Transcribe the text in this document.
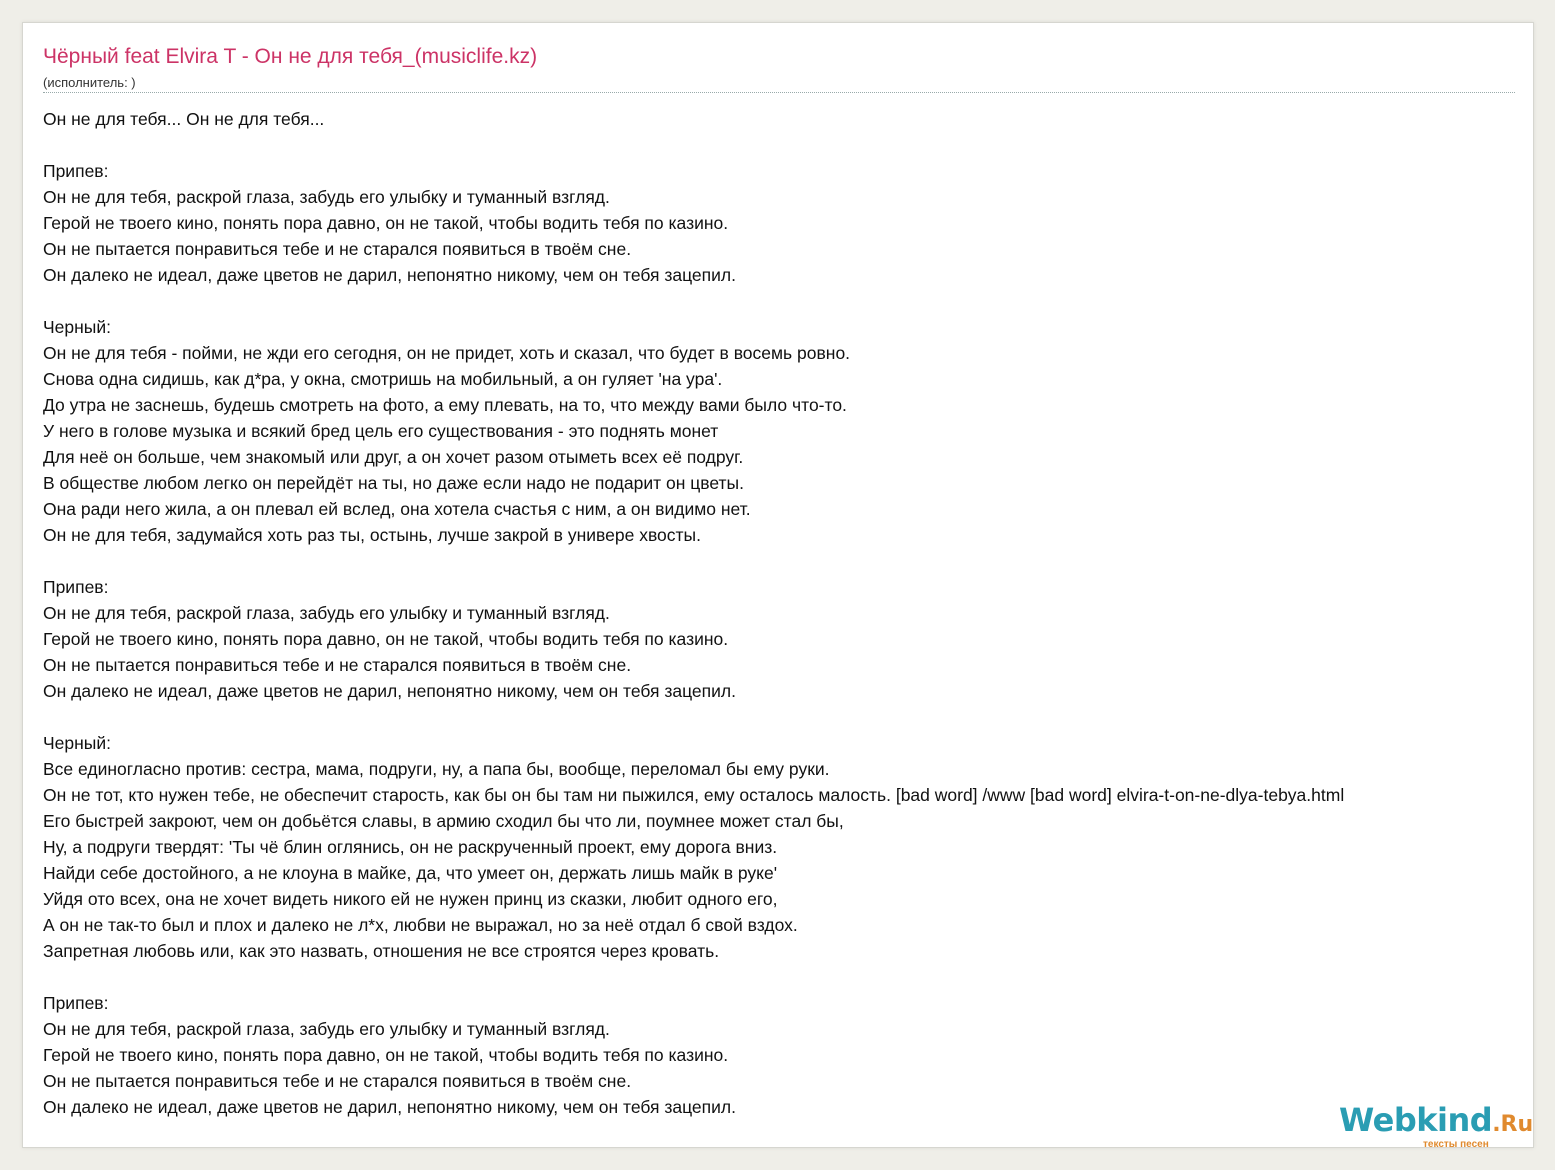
Чёрный feat Elvira T - Он не для тебя_(musiclife.kz)
(исполнитель: )
Он не для тебя... Он не для тебя...
Припев:
Он не для тебя, раскрой глаза, забудь его улыбку и туманный взгляд.
Герой не твоего кино, понять пора давно, он не такой, чтобы водить тебя по казино.
Он не пытается понравиться тебе и не старался появиться в твоём сне.
Он далеко не идеал, даже цветов не дарил, непонятно никому, чем он тебя зацепил.
Черный:
Он не для тебя - пойми, не жди его сегодня, он не придет, хоть и сказал, что будет в восемь ровно.
Снова одна сидишь, как д*ра, у окна, смотришь на мобильный, а он гуляет 'на ура'.
До утра не заснешь, будешь смотреть на фото, а ему плевать, на то, что между вами было что-то.
У него в голове музыка и всякий бред цель его существования - это поднять монет
Для неё он больше, чем знакомый или друг, а он хочет разом отыметь всех её подруг.
В обществе любом легко он перейдёт на ты, но даже если надо не подарит он цветы.
Она ради него жила, а он плевал ей вслед, она хотела счастья с ним, а он видимо нет.
Он не для тебя, задумайся хоть раз ты, остынь, лучше закрой в универе хвосты.
Припев:
Он не для тебя, раскрой глаза, забудь его улыбку и туманный взгляд.
Герой не твоего кино, понять пора давно, он не такой, чтобы водить тебя по казино.
Он не пытается понравиться тебе и не старался появиться в твоём сне.
Он далеко не идеал, даже цветов не дарил, непонятно никому, чем он тебя зацепил.
Черный:
Все единогласно против: сестра, мама, подруги, ну, а папа бы, вообще, переломал бы ему руки.
Он не тот, кто нужен тебе, не обеспечит старость, как бы он бы там ни пыжился, ему осталось малость. [bad word] /www [bad word] elvira-t-on-ne-dlya-tebya.html
Его быстрей закроют, чем он добьётся славы, в армию сходил бы что ли, поумнее может стал бы,
Ну, а подруги твердят: 'Ты чё блин оглянись, он не раскрученный проект, ему дорога вниз.
Найди себе достойного, а не клоуна в майке, да, что умеет он, держать лишь майк в руке'
Уйдя ото всех, она не хочет видеть никого ей не нужен принц из сказки, любит одного его,
А он не так-то был и плох и далеко не л*х, любви не выражал, но за неё отдал б свой вздох.
Запретная любовь или, как это назвать, отношения не все строятся через кровать.
Припев:
Он не для тебя, раскрой глаза, забудь его улыбку и туманный взгляд.
Герой не твоего кино, понять пора давно, он не такой, чтобы водить тебя по казино.
Он не пытается понравиться тебе и не старался появиться в твоём сне.
Он далеко не идеал, даже цветов не дарил, непонятно никому, чем он тебя зацепил.	Webkind.Ru
тексты песен
